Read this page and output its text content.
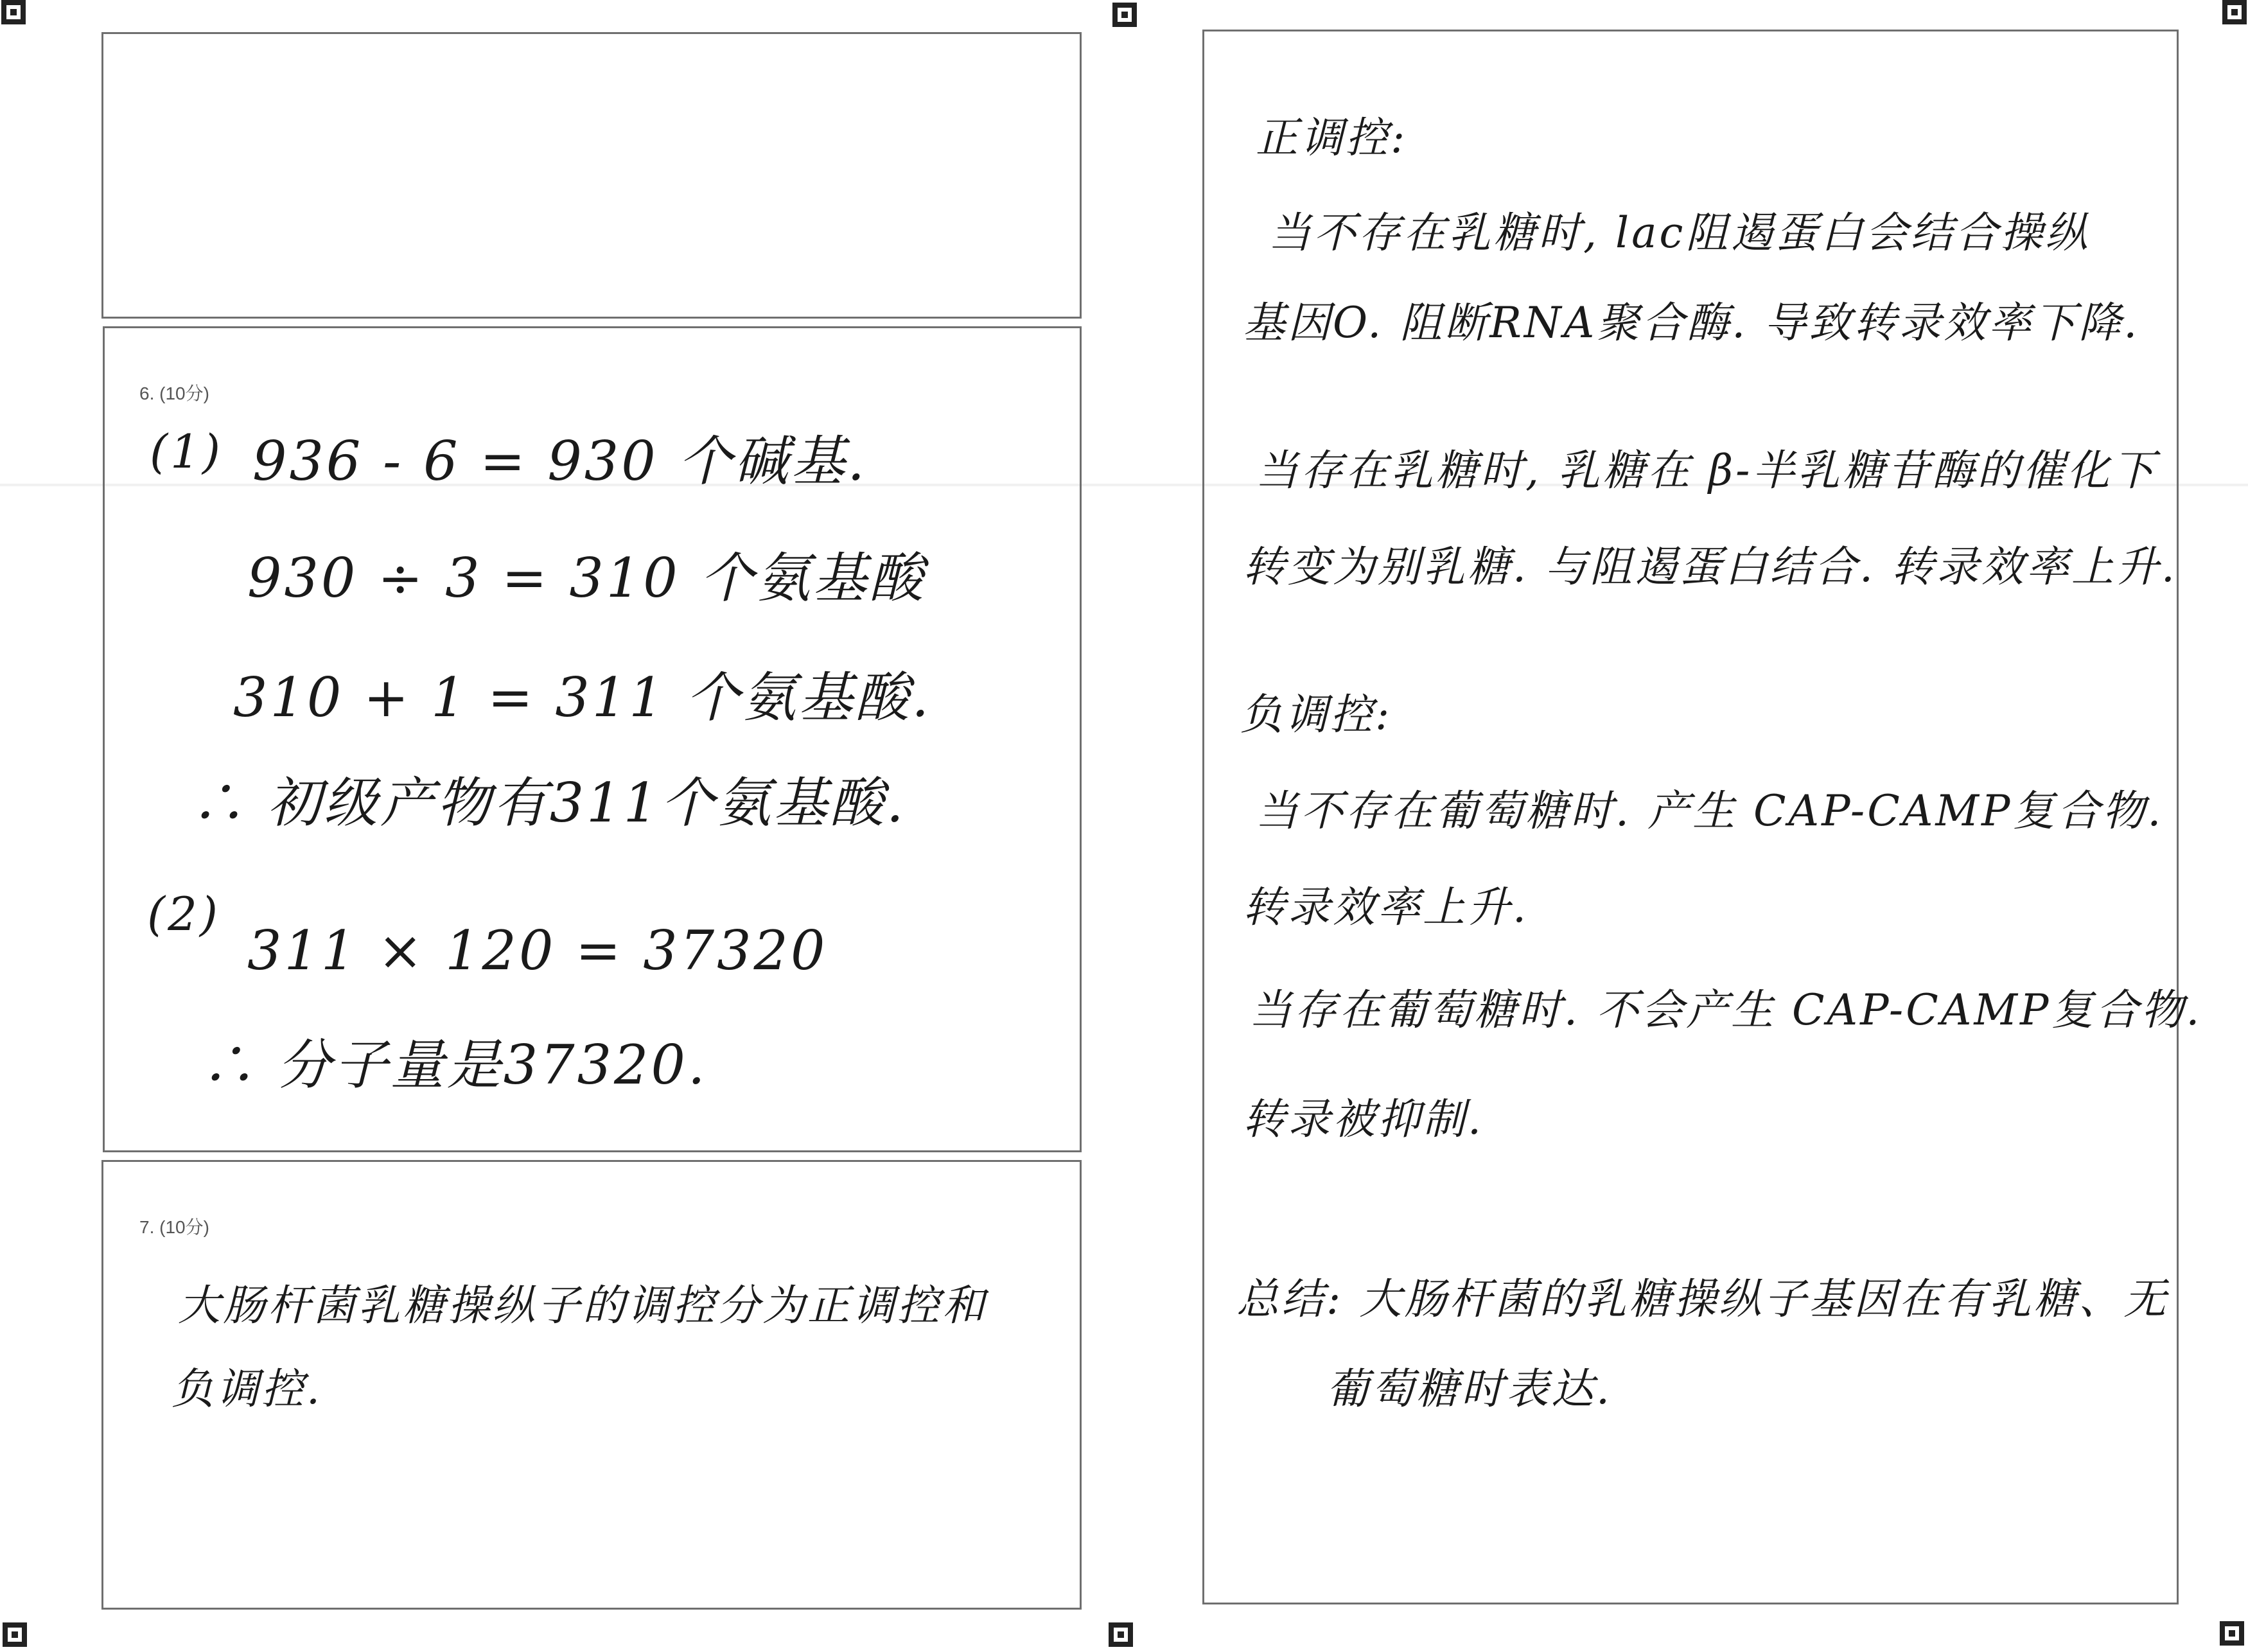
6. (10分)
(1) 936 - 6 = 930 个碱基.
930 ÷ 3 = 310 个氨基酸
310 + 1 = 311 个氨基酸.
∴ 初级产物有311个氨基酸.
(2)
311 × 120 = 37320
∴ 分子量是37320.
7. (10分)
大肠杆菌乳糖操纵子的调控分为正调控和
负调控.
正调控:
当不存在乳糖时, lac阻遏蛋白会结合操纵
基因O. 阻断RNA聚合酶. 导致转录效率下降.
当存在乳糖时, 乳糖在 β-半乳糖苷酶的催化下
转变为别乳糖. 与阻遏蛋白结合. 转录效率上升.
负调控:
当不存在葡萄糖时. 产生 CAP-CAMP复合物.
转录效率上升.
当存在葡萄糖时. 不会产生 CAP-CAMP复合物.
转录被抑制.
总结: 大肠杆菌的乳糖操纵子基因在有乳糖、无
葡萄糖时表达.
